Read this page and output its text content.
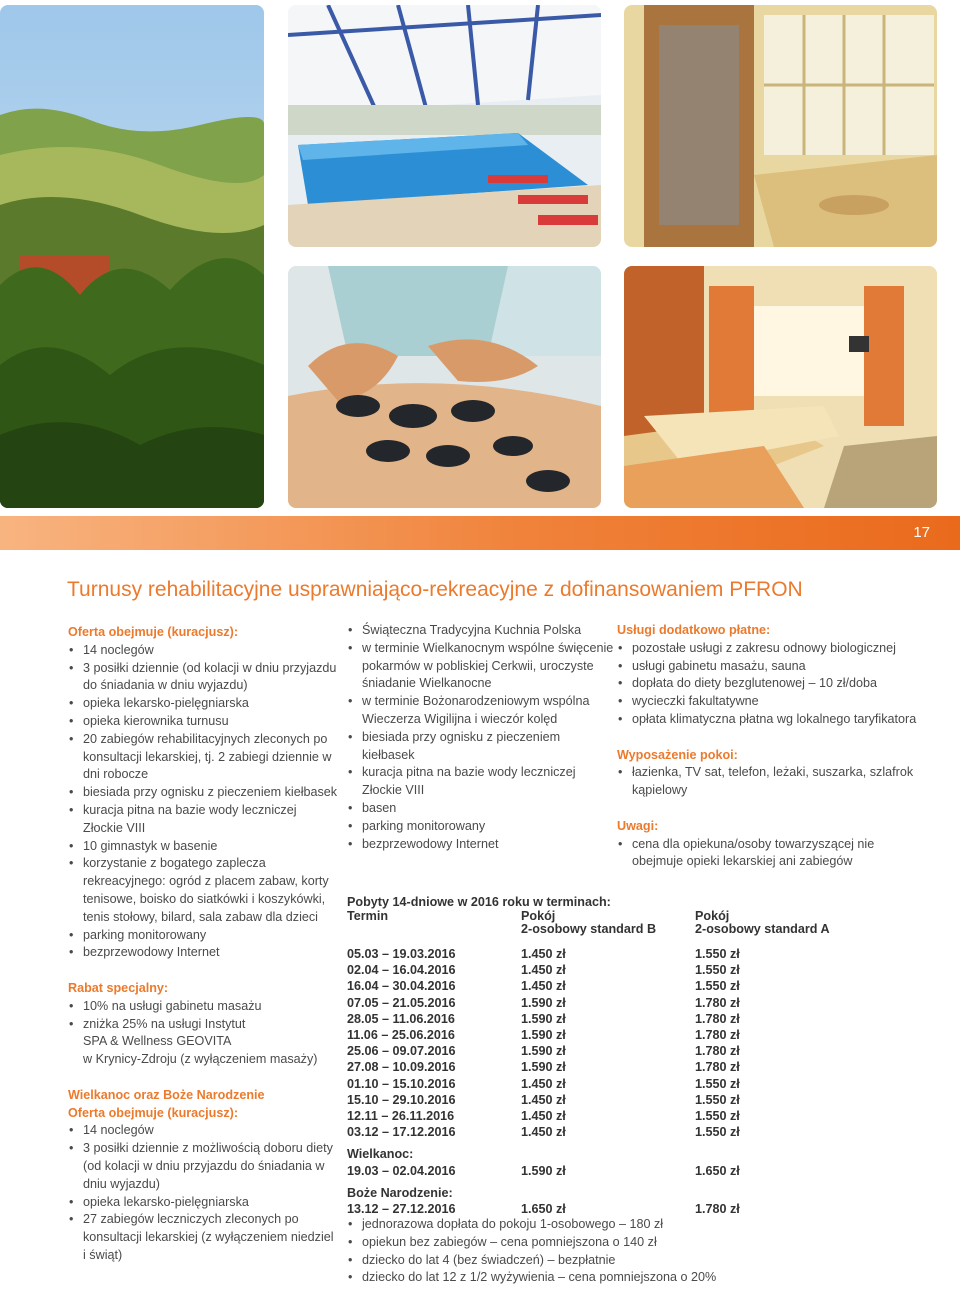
17
Turnusy rehabilitacyjne usprawniająco-rekreacyjne z dofinansowaniem PFRON
Oferta obejmuje (kuracjusz):
• 14 noclegów
• 3 posiłki dziennie (od kolacji w dniu przyjazdu do śniadania w dniu wyjazdu)
• opieka lekarsko-pielęgniarska
• opieka kierownika turnusu
• 20 zabiegów rehabilitacyjnych zleconych po konsultacji lekarskiej, tj. 2 zabiegi dziennie w dni robocze
• biesiada przy ognisku z pieczeniem kiełbasek
• kuracja pitna na bazie wody leczniczej Złockie VIII
• 10 gimnastyk w basenie
• korzystanie z bogatego zaplecza rekreacyjnego: ogród z placem zabaw, korty tenisowe, boisko do siatkówki i koszykówki, tenis stołowy, bilard, sala zabaw dla dzieci
• parking monitorowany
• bezprzewodowy Internet
Rabat specjalny:
• 10% na usługi gabinetu masażu
• zniżka 25% na usługi Instytut

SPA & Wellness GEOVITA

w Krynicy-Zdroju (z wyłączeniem masaży)

Wielkanoc oraz Boże Narodzenie
Oferta obejmuje (kuracjusz):
• 14 noclegów
• 3 posiłki dziennie z możliwością doboru diety (od kolacji w dniu przyjazdu do śniadania w dniu wyjazdu)
• opieka lekarsko-pielęgniarska
• 27 zabiegów leczniczych zleconych po konsultacji lekarskiej (z wyłączeniem niedziel i świąt)
• Świąteczna Tradycyjna Kuchnia Polska
• w terminie Wielkanocnym wspólne święcenie pokarmów w pobliskiej Cerkwii, uroczyste śniadanie Wielkanocne
• w terminie Bożonarodzeniowym wspólna Wieczerza Wigilijna i wieczór kolęd
• biesiada przy ognisku z pieczeniem kiełbasek
• kuracja pitna na bazie wody leczniczej Złockie VIII
• basen
• parking monitorowany
• bezprzewodowy Internet
Usługi dodatkowo płatne:
• pozostałe usługi z zakresu odnowy biologicznej
• usługi gabinetu masażu, sauna
• dopłata do diety bezglutenowej – 10 zł/doba
• wycieczki fakultatywne
• opłata klimatyczna płatna wg lokalnego taryfikatora
Wyposażenie pokoi:
• łazienka, TV sat, telefon, leżaki, suszarka, szlafrok kąpielowy
Uwagi:
• cena dla opiekuna/osoby towarzyszącej nie obejmuje opieki lekarskiej ani zabiegów
Pobyty 14-dniowe w 2016 roku w terminach:
Termin	Pokój
2-osobowy standard B
Pokój
2-osobowy standard A
05.03 – 19.03.2016	1.450 zł	1.550 zł
02.04 – 16.04.2016	1.450 zł	1.550 zł
16.04 – 30.04.2016	1.450 zł	1.550 zł
07.05 – 21.05.2016	1.590 zł	1.780 zł
28.05 – 11.06.2016	1.590 zł	1.780 zł
11.06 – 25.06.2016	1.590 zł	1.780 zł
25.06 – 09.07.2016	1.590 zł	1.780 zł
27.08 – 10.09.2016	1.590 zł	1.780 zł
01.10 – 15.10.2016	1.450 zł	1.550 zł
15.10 – 29.10.2016	1.450 zł	1.550 zł
12.11 – 26.11.2016	1.450 zł	1.550 zł
03.12 – 17.12.2016	1.450 zł	1.550 zł
Wielkanoc:
19.03 – 02.04.2016	1.590 zł	1.650 zł
Boże Narodzenie:
13.12 – 27.12.2016	1.650 zł	1.780 zł
• jednorazowa dopłata do pokoju 1-osobowego – 180 zł
• opiekun bez zabiegów – cena pomniejszona o 140 zł
• dziecko do lat 4 (bez świadczeń) – bezpłatnie
• dziecko do lat 12 z 1/2 wyżywienia – cena pomniejszona o 20%
